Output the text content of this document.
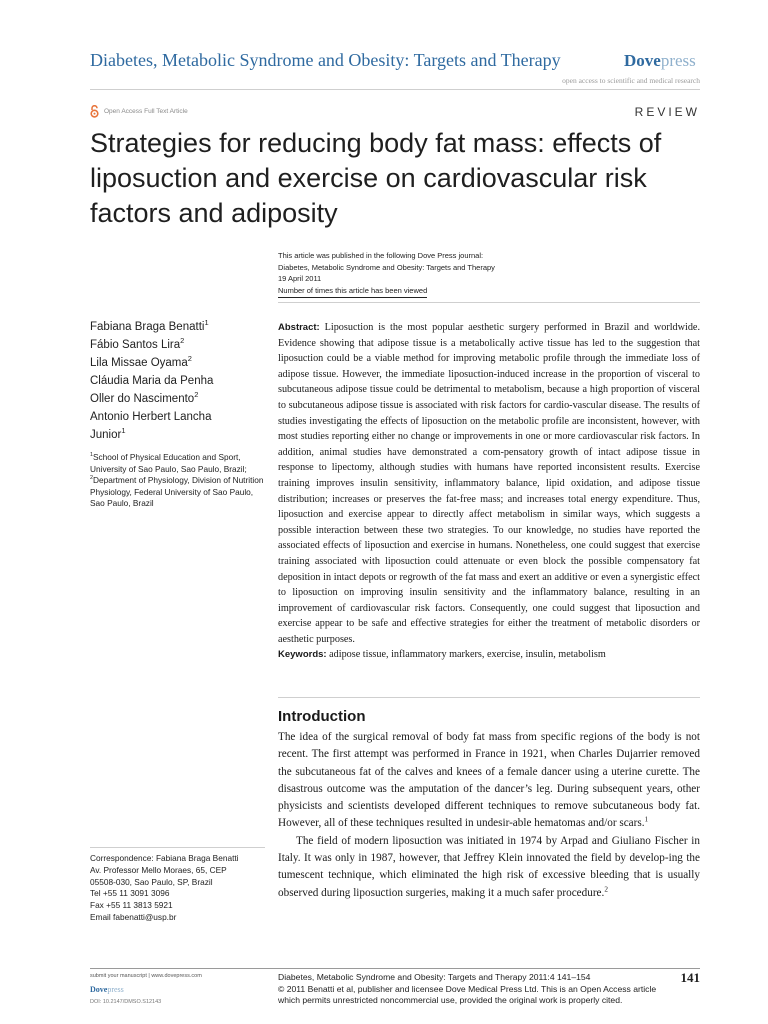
Diabetes, Metabolic Syndrome and Obesity: Targets and Therapy	Dovepress
open access to scientific and medical research
Open Access Full Text Article	REVIEW
Strategies for reducing body fat mass: effects of liposuction and exercise on cardiovascular risk factors and adiposity
This article was published in the following Dove Press journal:
Diabetes, Metabolic Syndrome and Obesity: Targets and Therapy
19 April 2011
Number of times this article has been viewed
Fabiana Braga Benatti$^1$
Fábio Santos Lira$^2$
Lila Missae Oyama$^2$
Cláudia Maria da Penha
Oller do Nascimento$^2$
Antonio Herbert Lancha
Junior$^1$
$^1$School of Physical Education and Sport, University of Sao Paulo, Sao Paulo, Brazil; $^2$Department of Physiology, Division of Nutrition Physiology, Federal University of Sao Paulo, Sao Paulo, Brazil

Abstract: Liposuction is the most popular aesthetic surgery performed in Brazil and worldwide. Evidence showing that adipose tissue is a metabolically active tissue has led to the suggestion that liposuction could be a viable method for improving metabolic profile through the immediate loss of adipose tissue. However, the immediate liposuction-induced increase in the proportion of visceral to subcutaneous adipose tissue could be detrimental to metabolism, because a high proportion of visceral to subcutaneous adipose tissue is associated with risk factors for cardio-vascular disease. The results of studies investigating the effects of liposuction on the metabolic profile are inconsistent, however, with most studies reporting either no change or improvements in one or more cardiovascular risk factors. In addition, animal studies have demonstrated a com-pensatory growth of intact adipose tissue in response to lipectomy, although studies with humans have reported inconsistent results. Exercise training improves insulin sensitivity, inflammatory balance, lipid oxidation, and adipose tissue distribution; increases or preserves the fat-free mass; and increases total energy expenditure. Thus, liposuction and exercise appear to directly affect metabolism in similar ways, which suggests a possible interaction between these two strategies. To our knowledge, no studies have reported the associated effects of liposuction and exercise in humans. Nonetheless, one could suggest that exercise training associated with liposuction could attenuate or even block the possible compensatory fat deposition in intact depots or regrowth of the fat mass and exert an additive or even a synergistic effect to liposuction on improving insulin sensitivity and the inflammatory balance, resulting in an improvement of cardiovascular risk factors. Consequently, one could suggest that liposuction and exercise appear to be safe and effective strategies for either the treatment of metabolic disorders or aesthetic purposes.

Keywords: adipose tissue, inflammatory markers, exercise, insulin, metabolism

Introduction

The idea of the surgical removal of body fat mass from specific regions of the body is not recent. The first attempt was performed in France in 1921, when Charles Dujarrier removed the subcutaneous fat of the calves and knees of a female dancer using a uterine curette. The disastrous outcome was the amputation of the dancer’s leg. During subsequent years, other physicists and scientists developed different techniques to remove subcutaneous body fat. However, all of these techniques resulted in undesir-able hematomas and/or scars.$^1$

The field of modern liposuction was initiated in 1974 by Arpad and Giuliano Fischer in Italy. It was only in 1987, however, that Jeffrey Klein innovated the field by develop-ing the tumescent technique, which eliminated the high risk of excessive bleeding that is usually observed during liposuction surgeries, making it a much safer procedure.$^2$

Correspondence: Fabiana Braga Benatti
Av. Professor Mello Moraes, 65, CEP
05508-030, Sao Paulo, SP, Brazil
Tel +55 11 3091 3096
Fax +55 11 3813 5921
Email fabenatti@usp.br
submit your manuscript | www.dovepress.com
Dovepress
DOI: 10.2147/DMSO.S12143
Diabetes, Metabolic Syndrome and Obesity: Targets and Therapy 2011:4 141–154
© 2011 Benatti et al, publisher and licensee Dove Medical Press Ltd. This is an Open Access article
which permits unrestricted noncommercial use, provided the original work is properly cited.
141
